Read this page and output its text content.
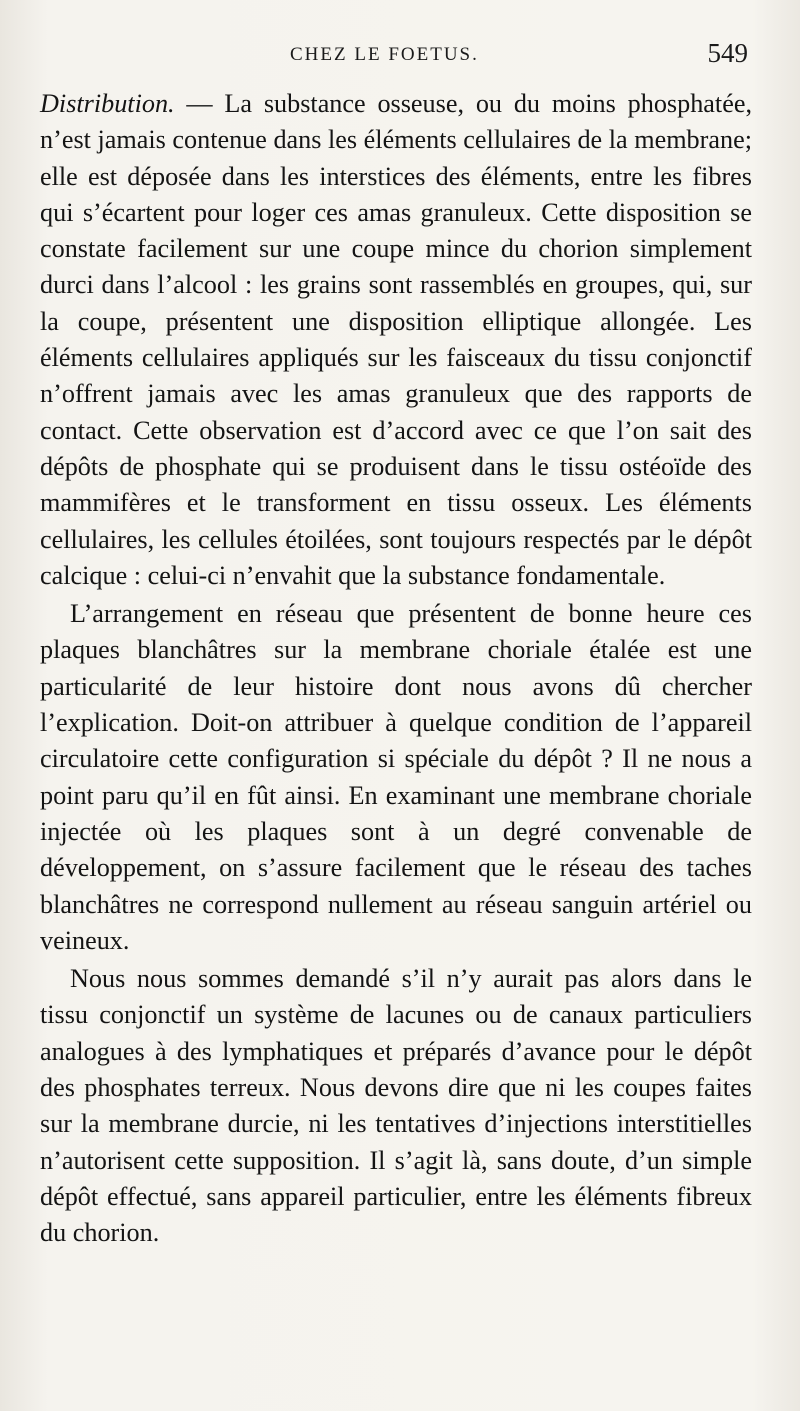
CHEZ LE FOETUS.	549

Distribution. — La substance osseuse, ou du moins phosphatée, n’est jamais contenue dans les éléments cellulaires de la membrane; elle est déposée dans les interstices des éléments, entre les fibres qui s’écartent pour loger ces amas granuleux. Cette disposition se constate facilement sur une coupe mince du chorion simplement durci dans l’alcool : les grains sont rassemblés en groupes, qui, sur la coupe, présentent une disposition elliptique allongée. Les éléments cellulaires appliqués sur les faisceaux du tissu conjonctif n’offrent jamais avec les amas granuleux que des rapports de contact. Cette observation est d’accord avec ce que l’on sait des dépôts de phosphate qui se produisent dans le tissu ostéoïde des mammifères et le transforment en tissu osseux. Les éléments cellulaires, les cellules étoilées, sont toujours respectés par le dépôt calcique : celui-ci n’envahit que la substance fondamentale.

L’arrangement en réseau que présentent de bonne heure ces plaques blanchâtres sur la membrane choriale étalée est une particularité de leur histoire dont nous avons dû chercher l’explication. Doit-on attribuer à quelque condition de l’appareil circulatoire cette configuration si spéciale du dépôt ? Il ne nous a point paru qu’il en fût ainsi. En examinant une membrane choriale injectée où les plaques sont à un degré convenable de développement, on s’assure facilement que le réseau des taches blanchâtres ne correspond nullement au réseau sanguin artériel ou veineux.

Nous nous sommes demandé s’il n’y aurait pas alors dans le tissu conjonctif un système de lacunes ou de canaux particuliers analogues à des lymphatiques et préparés d’avance pour le dépôt des phosphates terreux. Nous devons dire que ni les coupes faites sur la membrane durcie, ni les tentatives d’injections interstitielles n’autorisent cette supposition. Il s’agit là, sans doute, d’un simple dépôt effectué, sans appareil particulier, entre les éléments fibreux du chorion.
